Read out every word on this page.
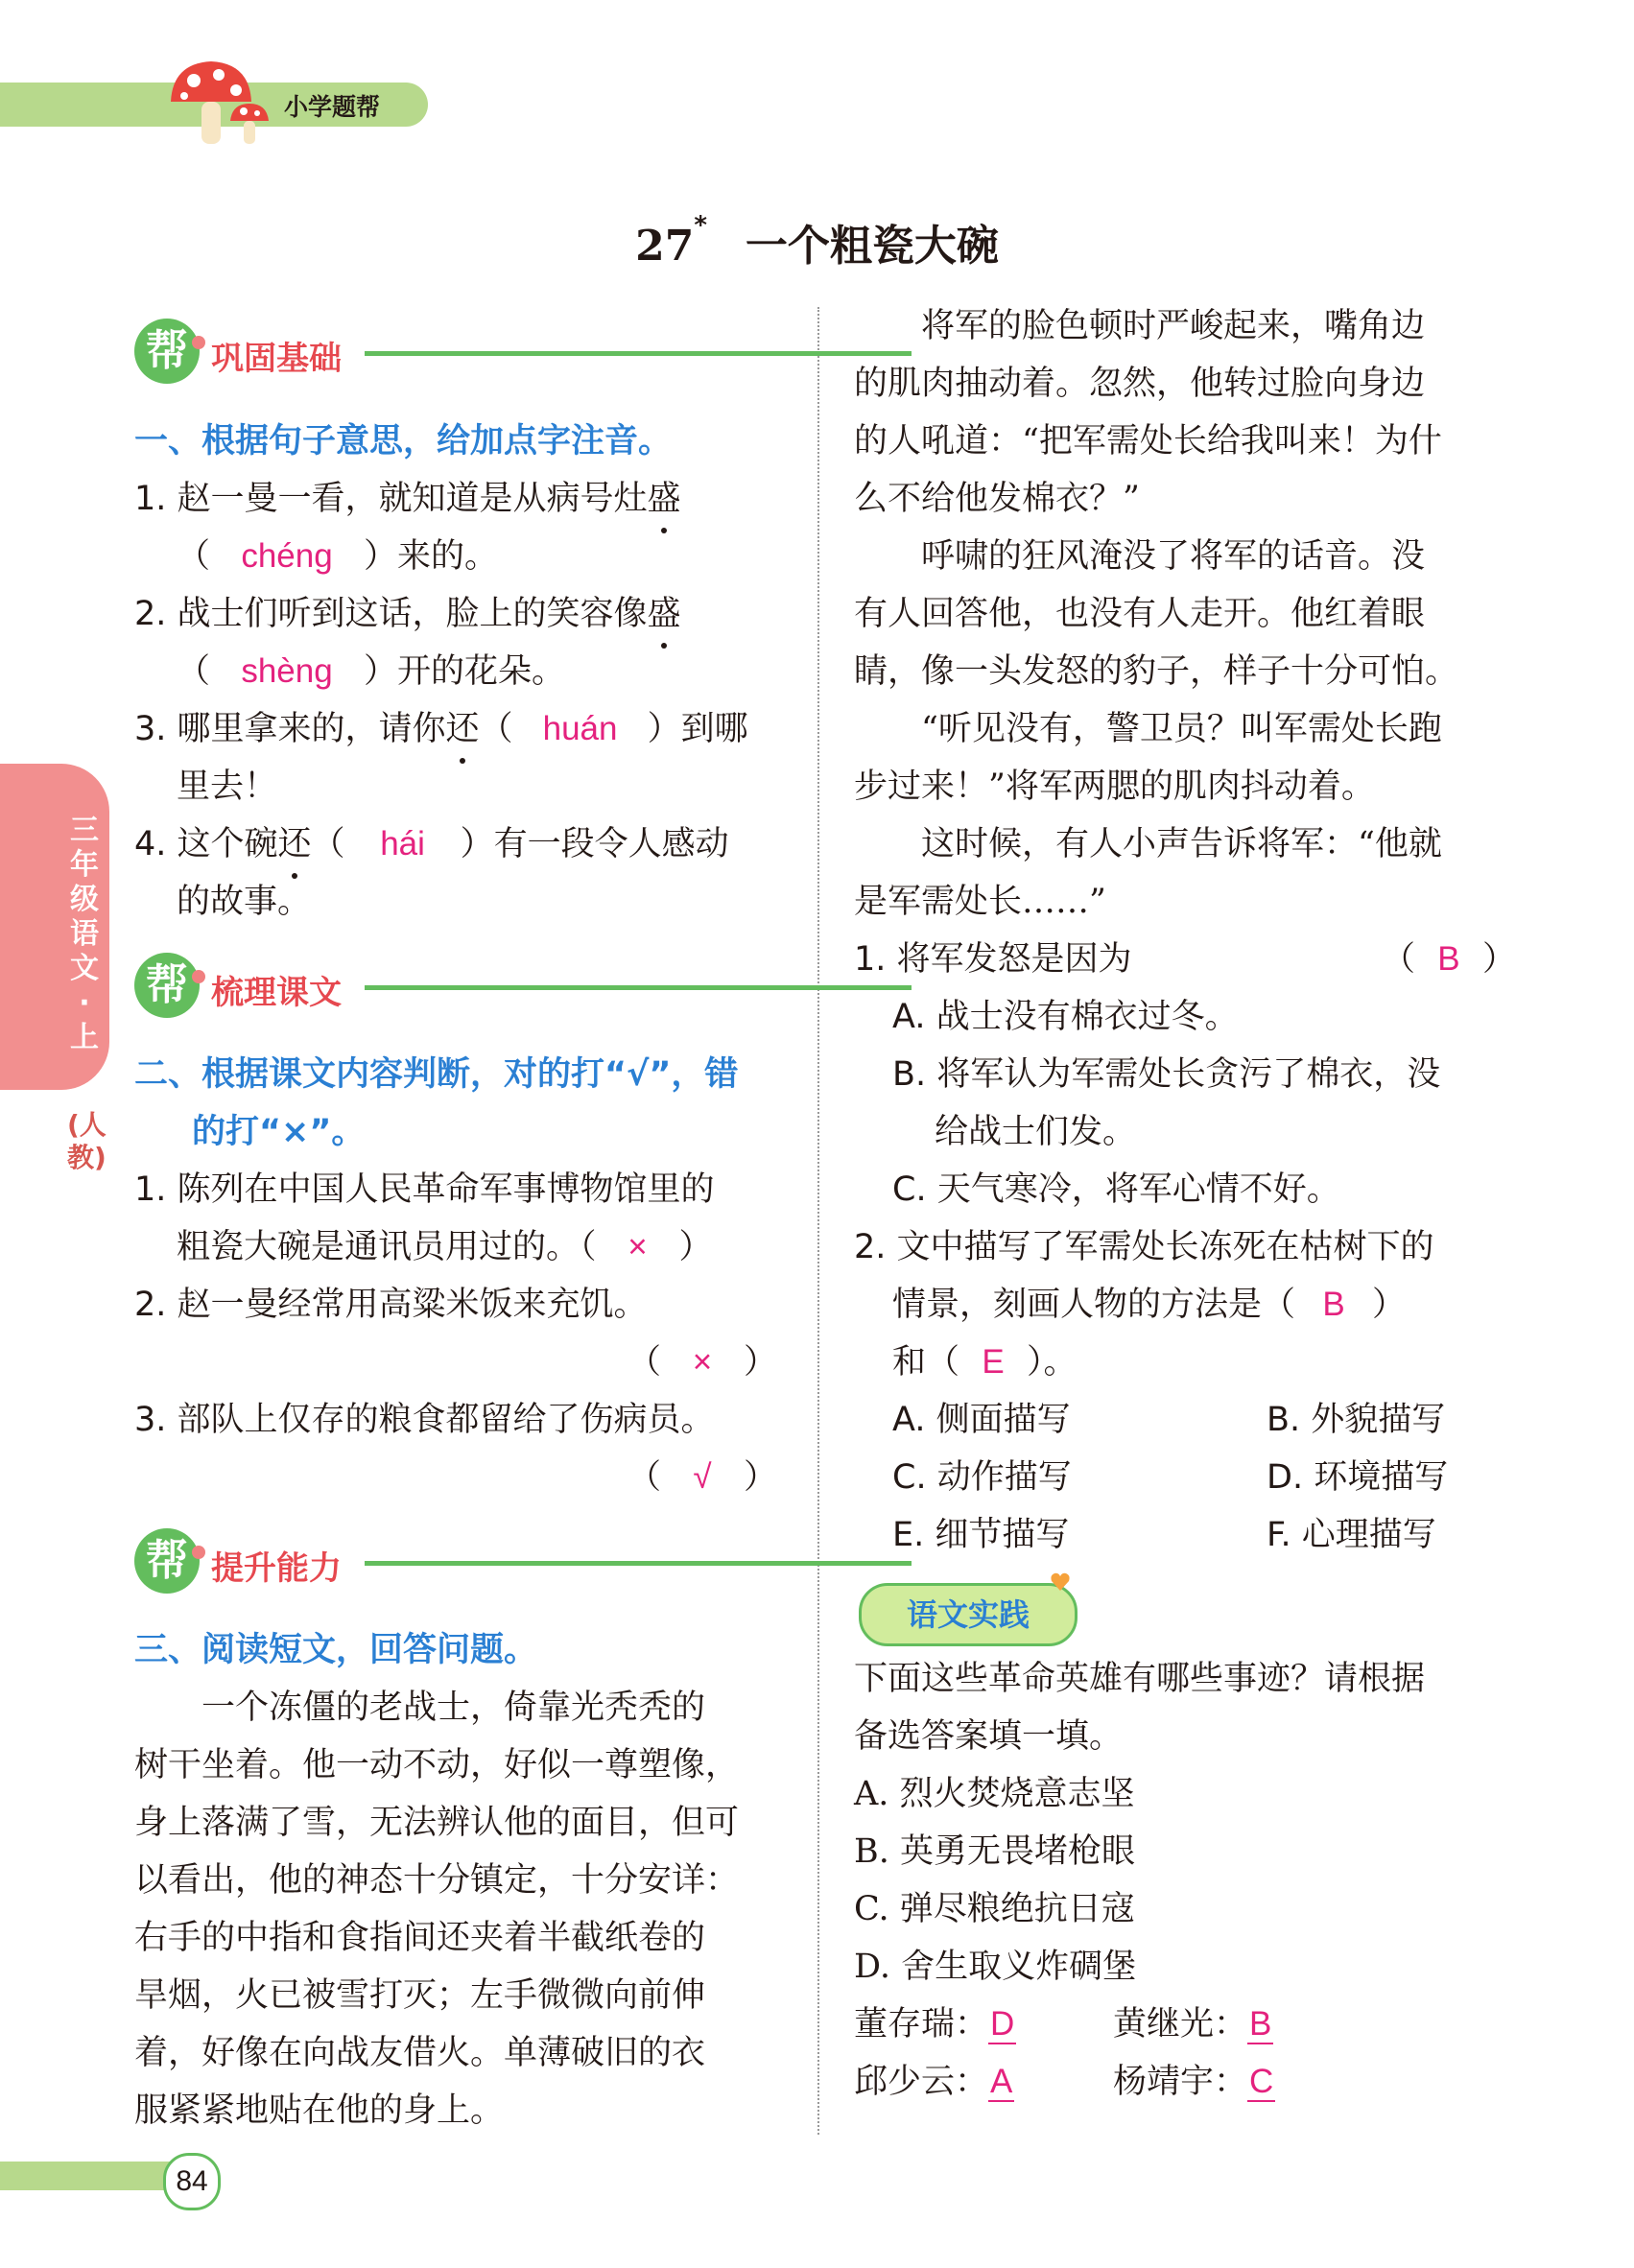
小学题帮
27* 一个粗瓷大碗
三年级语文·上
(人教)
帮 巩固基础
一、根据句子意思，给加点字注音。
1. 赵一曼一看，就知道是从病号灶盛
（ chéng ）来的。
2. 战士们听到这话，脸上的笑容像盛
（ shèng ）开的花朵。
3. 哪里拿来的，请你还（ huán ）到哪
里去！
4. 这个碗还（ hái ）有一段令人感动
的故事。
帮 梳理课文
二、根据课文内容判断，对的打“√”，错
的打“×”。
1. 陈列在中国人民革命军事博物馆里的
粗瓷大碗是通讯员用过的。（ × ）
2. 赵一曼经常用高粱米饭来充饥。
（ × ）
3. 部队上仅存的粮食都留给了伤病员。
（ √ ）
帮 提升能力
三、阅读短文，回答问题。
　　一个冻僵的老战士，倚靠光秃秃的
树干坐着。他一动不动，好似一尊塑像，
身上落满了雪，无法辨认他的面目，但可
以看出，他的神态十分镇定，十分安详：
右手的中指和食指间还夹着半截纸卷的
旱烟，火已被雪打灭；左手微微向前伸
着，好像在向战友借火。单薄破旧的衣
服紧紧地贴在他的身上。
　　将军的脸色顿时严峻起来，嘴角边
的肌肉抽动着。忽然，他转过脸向身边
的人吼道：“把军需处长给我叫来！为什
么不给他发棉衣？”
　　呼啸的狂风淹没了将军的话音。没
有人回答他，也没有人走开。他红着眼
睛，像一头发怒的豹子，样子十分可怕。
　　“听见没有，警卫员？叫军需处长跑
步过来！”将军两腮的肌肉抖动着。
　　这时候，有人小声告诉将军：“他就
是军需处长……”
1. 将军发怒是因为	（ B ）
A. 战士没有棉衣过冬。
B. 将军认为军需处长贪污了棉衣，没
给战士们发。
C. 天气寒冷，将军心情不好。
2. 文中描写了军需处长冻死在枯树下的
情景，刻画人物的方法是（ B ）
和（ E ）。
A. 侧面描写	B. 外貌描写
C. 动作描写	D. 环境描写
E. 细节描写	F. 心理描写
语文实践
下面这些革命英雄有哪些事迹？请根据
备选答案填一填。
A. 烈火焚烧意志坚
B. 英勇无畏堵枪眼
C. 弹尽粮绝抗日寇
D. 舍生取义炸碉堡
董存瑞：D	黄继光：B
邱少云：A	杨靖宇：C
84
